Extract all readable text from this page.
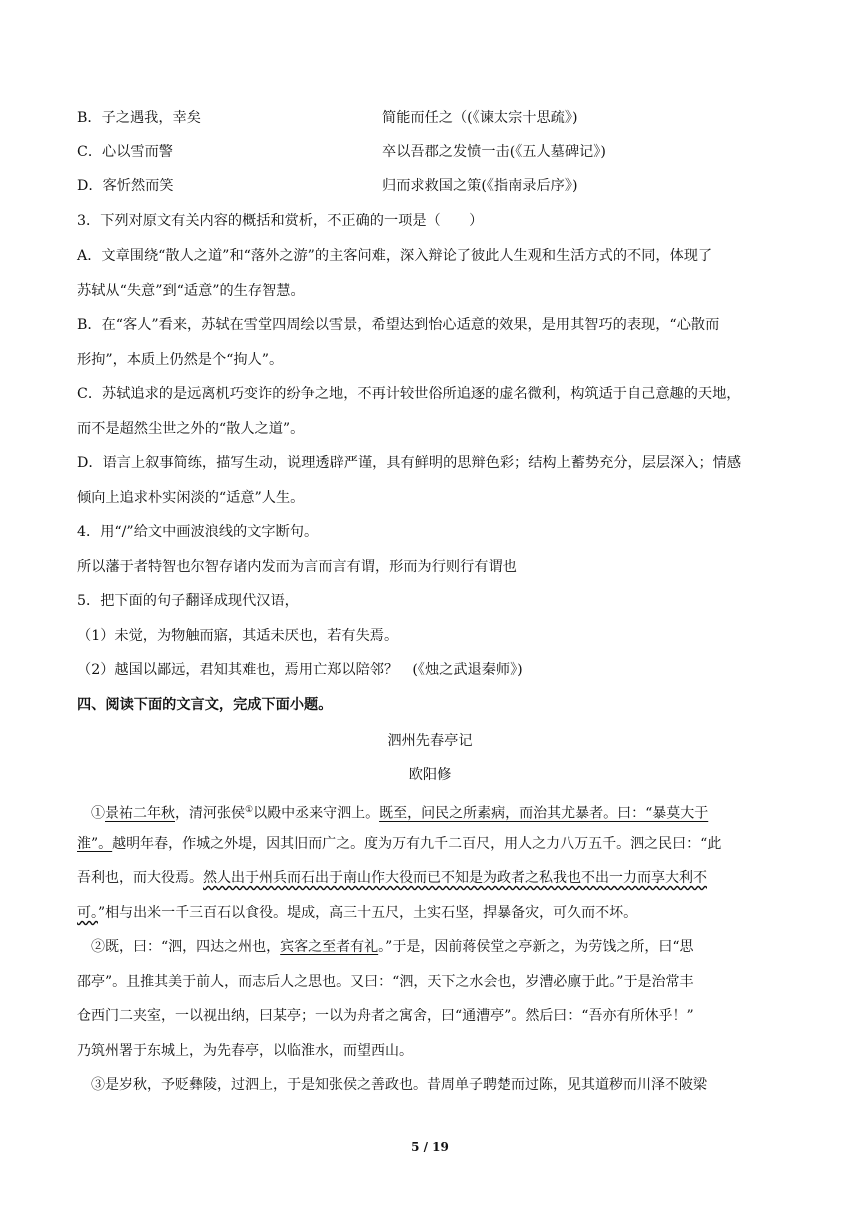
B．子之遇我，幸矣	简能而任之（(《谏太宗十思疏》)
C．心以雪而警	卒以吾郡之发愤一击(《五人墓碑记》)
D．客忻然而笑	归而求救国之策(《指南录后序》)
3．下列对原文有关内容的概括和赏析，不正确的一项是（　　）
A．文章围绕“散人之道”和“落外之游”的主客问难，深入辩论了彼此人生观和生活方式的不同，体现了
苏轼从“失意”到“适意”的生存智慧。
B．在“客人”看来，苏轼在雪堂四周绘以雪景，希望达到怡心适意的效果，是用其智巧的表现，“心散而
形拘”，本质上仍然是个“拘人”。
C．苏轼追求的是远离机巧变诈的纷争之地，不再计较世俗所追逐的虚名微利，构筑适于自己意趣的天地，
而不是超然尘世之外的“散人之道”。
D．语言上叙事简练，描写生动，说理透辟严谨，具有鲜明的思辩色彩；结构上蓄势充分，层层深入；情感
倾向上追求朴实闲淡的“适意”人生。
4．用“/”给文中画波浪线的文字断句。
所以藩于者特智也尔智存诸内发而为言而言有谓，形而为行则行有谓也
5．把下面的句子翻译成现代汉语，
（1）未觉，为物触而寤，其适未厌也，若有失焉。
（2）越国以鄙远，君知其难也，焉用亡郑以陪邻？　(《烛之武退秦师》)
四、阅读下面的文言文，完成下面小题。
泗州先春亭记
欧阳修
①景祐二年秋，清河张侯①以殿中丞来守泗上。既至，问民之所素病，而治其尤暴者。曰：“暴莫大于
淮”。越明年春，作城之外堤，因其旧而广之。度为万有九千二百尺，用人之力八万五千。泗之民曰：“此
吾利也，而大役焉。然人出于州兵而石出于南山作大役而已不知是为政者之私我也不出一力而享大利不
可。”相与出米一千三百石以食役。堤成，高三十五尺，土实石坚，捍暴备灾，可久而不坏。
②既，曰：“泗，四达之州也，宾客之至者有礼。”于是，因前蒋侯堂之亭新之，为劳饯之所，曰“思
邵亭”。且推其美于前人，而志后人之思也。又曰：“泗，天下之水会也，岁漕必廪于此。”于是治常丰
仓西门二夹室，一以视出纳，曰某亭；一以为舟者之寓舍，曰“通漕亭”。然后曰：“吾亦有所休乎！”
乃筑州署于东城上，为先春亭，以临淮水，而望西山。
③是岁秋，予贬彝陵，过泗上，于是知张侯之善政也。昔周单子聘楚而过陈，见其道秽而川泽不陂梁
5 / 19
